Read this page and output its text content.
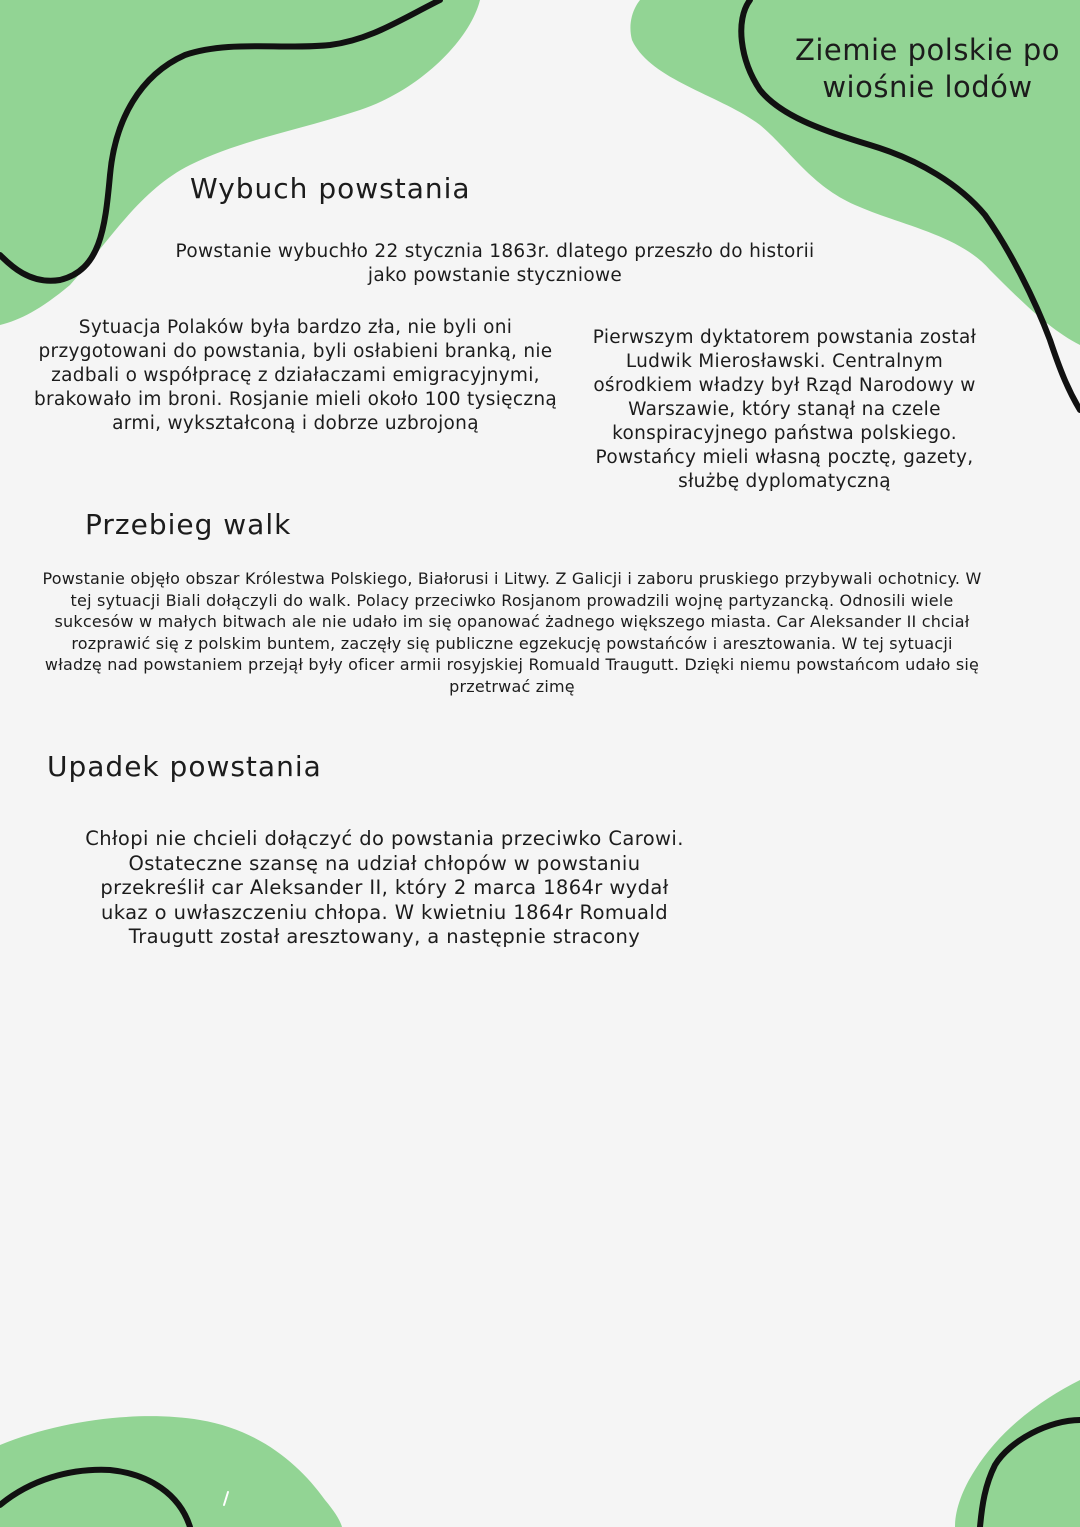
Ziemie polskie po wiośnie lodów
Wybuch powstania

Powstanie wybuchło 22 stycznia 1863r. dlatego przeszło do historii jako powstanie styczniowe

Sytuacja Polaków była bardzo zła, nie byli oni przygotowani do powstania, byli osłabieni branką, nie zadbali o współpracę z działaczami emigracyjnymi, brakowało im broni. Rosjanie mieli około 100 tysięczną armi, wykształconą i dobrze uzbrojoną

Pierwszym dyktatorem powstania został Ludwik Mierosławski. Centralnym ośrodkiem władzy był Rząd Narodowy w Warszawie, który stanął na czele konspiracyjnego państwa polskiego. Powstańcy mieli własną pocztę, gazety, służbę dyplomatyczną

Przebieg walk

Powstanie objęło obszar Królestwa Polskiego, Białorusi i Litwy. Z Galicji i zaboru pruskiego przybywali ochotnicy. W tej sytuacji Biali dołączyli do walk. Polacy przeciwko Rosjanom prowadzili wojnę partyzancką. Odnosili wiele sukcesów w małych bitwach ale nie udało im się opanować żadnego większego miasta. Car Aleksander II chciał rozprawić się z polskim buntem, zaczęły się publiczne egzekucję powstańców i aresztowania. W tej sytuacji władzę nad powstaniem przejął były oficer armii rosyjskiej Romuald Traugutt. Dzięki niemu powstańcom udało się przetrwać zimę

Upadek powstania

Chłopi nie chcieli dołączyć do powstania przeciwko Carowi. Ostateczne szansę na udział chłopów w powstaniu przekreślił car Aleksander II, który 2 marca 1864r wydał ukaz o uwłaszczeniu chłopa. W kwietniu 1864r Romuald Traugutt został aresztowany, a następnie stracony
